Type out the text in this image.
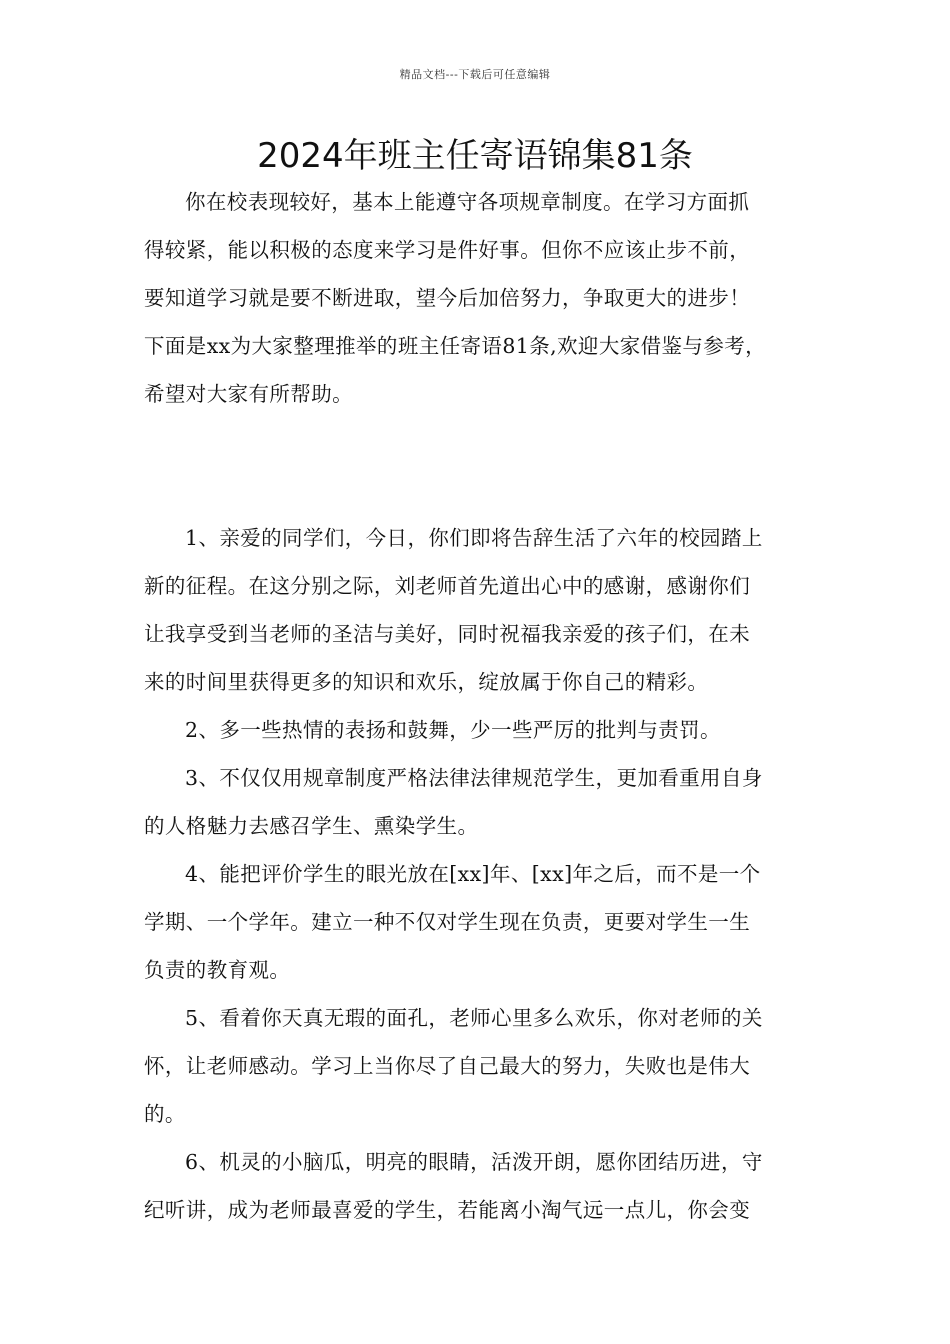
精品文档---下载后可任意编辑
2024年班主任寄语锦集81条
你在校表现较好，基本上能遵守各项规章制度。在学习方面抓
得较紧，能以积极的态度来学习是件好事。但你不应该止步不前，
要知道学习就是要不断进取，望今后加倍努力，争取更大的进步！
下面是xx为大家整理推举的班主任寄语81条,欢迎大家借鉴与参考，
希望对大家有所帮助。
1、亲爱的同学们，今日，你们即将告辞生活了六年的校园踏上
新的征程。在这分别之际，刘老师首先道出心中的感谢，感谢你们
让我享受到当老师的圣洁与美好，同时祝福我亲爱的孩子们，在未
来的时间里获得更多的知识和欢乐，绽放属于你自己的精彩。
2、多一些热情的表扬和鼓舞，少一些严厉的批判与责罚。
3、不仅仅用规章制度严格法律法律规范学生，更加看重用自身
的人格魅力去感召学生、熏染学生。
4、能把评价学生的眼光放在[xx]年、[xx]年之后，而不是一个
学期、一个学年。建立一种不仅对学生现在负责，更要对学生一生
负责的教育观。
5、看着你天真无瑕的面孔，老师心里多么欢乐，你对老师的关
怀，让老师感动。学习上当你尽了自己最大的努力，失败也是伟大
的。
6、机灵的小脑瓜，明亮的眼睛，活泼开朗，愿你团结历进，守
纪听讲，成为老师最喜爱的学生，若能离小淘气远一点儿，你会变
